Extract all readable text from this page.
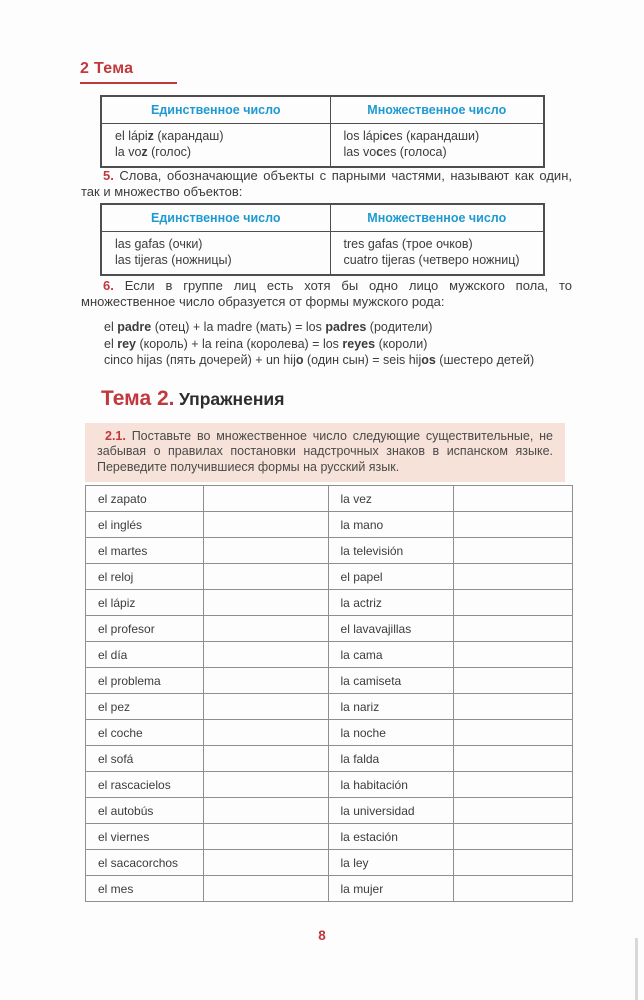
2 Тема
Единственное число	Множественное число

el lápiz (карандаш)
la voz (голос)

los lápices (карандаши)
las voces (голоса)

5. Слова, обозначающие объекты с парными частями, называют как один, так и множество объектов:

Единственное число	Множественное число

las gafas (очки)
las tijeras (ножницы)

tres gafas (трое очков)
cuatro tijeras (четверо ножниц)

6. Если в группе лиц есть хотя бы одно лицо мужского пола, то множественное число образуется от формы мужского рода:

el padre (отец) + la madre (мать) = los padres (родители)
el rey (король) + la reina (королева) = los reyes (короли)
cinco hijas (пять дочерей) + un hijo (один сын) = seis hijos (шестеро детей)
Тема 2. Упражнения
2.1. Поставьте во множественное число следующие существительные, не забывая о правилах постановки надстрочных знаков в испанском языке. Переведите получившиеся формы на русский язык.
el zapato		la vez	
el inglés		la mano	
el martes		la televisión	
el reloj		el papel	
el lápiz		la actriz	
el profesor		el lavavajillas	
el día		la cama	
el problema		la camiseta	
el pez		la nariz	
el coche		la noche	
el sofá		la falda	
el rascacielos		la habitación	
el autobús		la universidad	
el viernes		la estación	
el sacacorchos		la ley	
el mes		la mujer	
8
